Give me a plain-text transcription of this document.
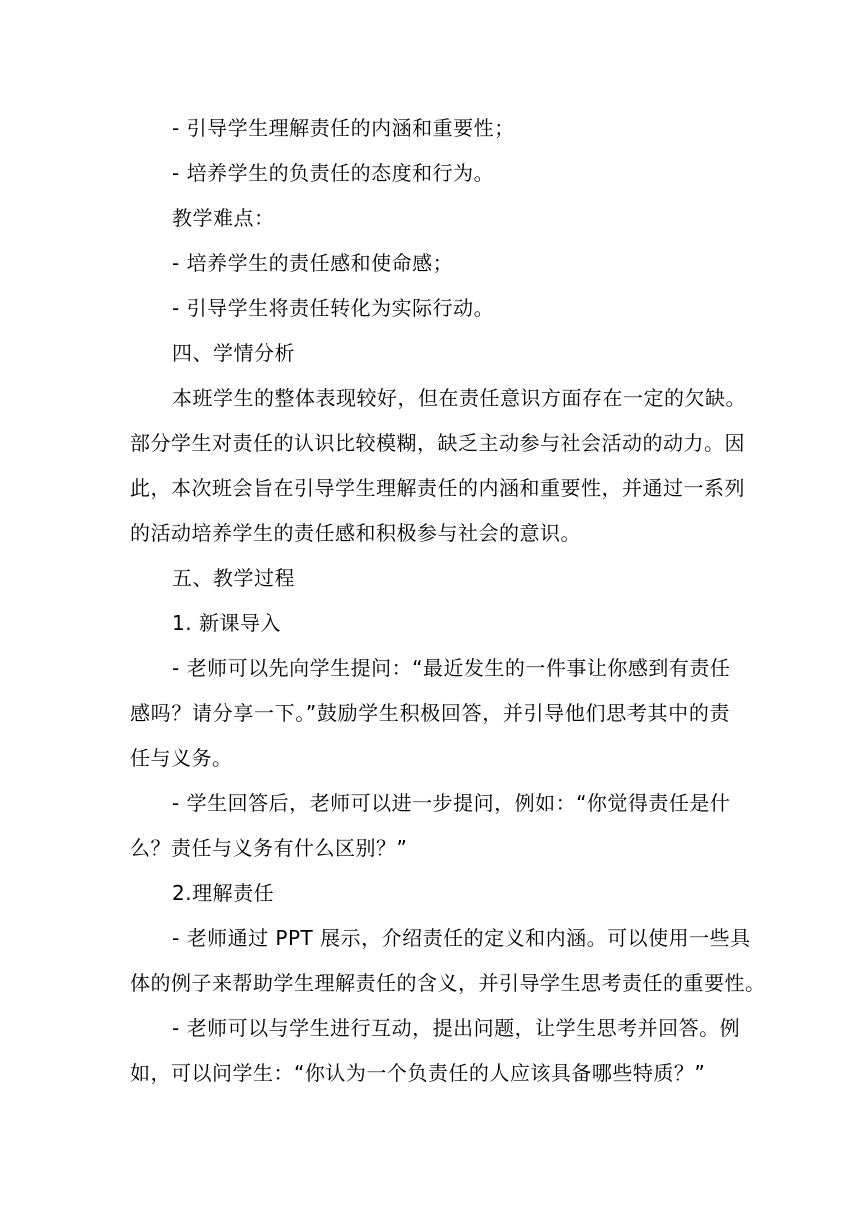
- 引导学生理解责任的内涵和重要性；
- 培养学生的负责任的态度和行为。
教学难点：
- 培养学生的责任感和使命感；
- 引导学生将责任转化为实际行动。
四、学情分析
本班学生的整体表现较好，但在责任意识方面存在一定的欠缺。
部分学生对责任的认识比较模糊，缺乏主动参与社会活动的动力。因
此，本次班会旨在引导学生理解责任的内涵和重要性，并通过一系列
的活动培养学生的责任感和积极参与社会的意识。
五、教学过程
1. 新课导入
- 老师可以先向学生提问：“最近发生的一件事让你感到有责任
感吗？请分享一下。”鼓励学生积极回答，并引导他们思考其中的责
任与义务。
- 学生回答后，老师可以进一步提问，例如：“你觉得责任是什
么？责任与义务有什么区别？”
2.理解责任
- 老师通过 PPT 展示，介绍责任的定义和内涵。可以使用一些具
体的例子来帮助学生理解责任的含义，并引导学生思考责任的重要性。
- 老师可以与学生进行互动，提出问题，让学生思考并回答。例
如，可以问学生：“你认为一个负责任的人应该具备哪些特质？”
